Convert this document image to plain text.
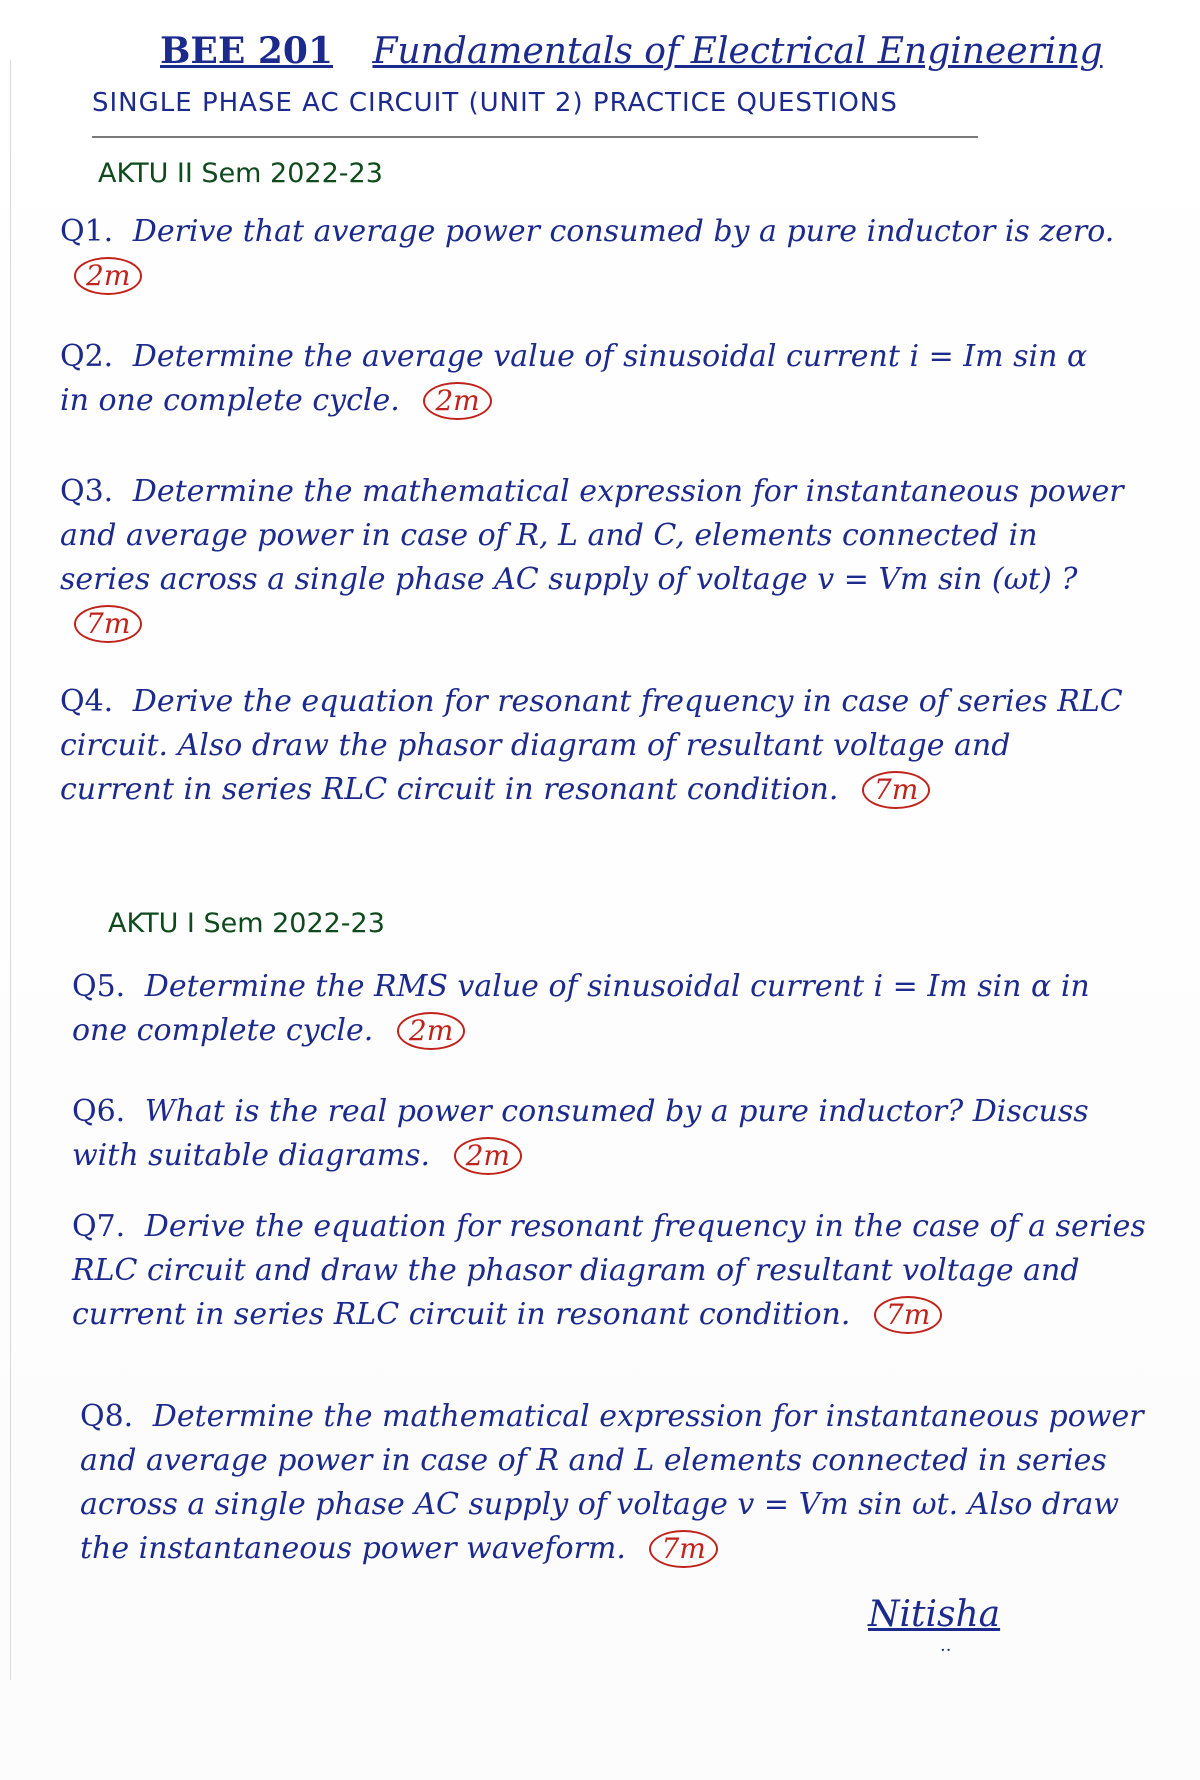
BEE 201 Fundamentals of Electrical Engineering
SINGLE PHASE AC CIRCUIT (UNIT 2) PRACTICE QUESTIONS
AKTU II Sem 2022-23
Q1. Derive that average power consumed by a pure inductor is zero. 2m
Q2. Determine the average value of sinusoidal current i = Im sin α in one complete cycle. 2m
Q3. Determine the mathematical expression for instantaneous power and average power in case of R, L and C, elements connected in series across a single phase AC supply of voltage v = Vm sin (ωt) ? 7m
Q4. Derive the equation for resonant frequency in case of series RLC circuit. Also draw the phasor diagram of resultant voltage and current in series RLC circuit in resonant condition. 7m
AKTU I Sem 2022-23
Q5. Determine the RMS value of sinusoidal current i = Im sin α in one complete cycle. 2m
Q6. What is the real power consumed by a pure inductor? Discuss with suitable diagrams. 2m
Q7. Derive the equation for resonant frequency in the case of a series RLC circuit and draw the phasor diagram of resultant voltage and current in series RLC circuit in resonant condition. 7m
Q8. Determine the mathematical expression for instantaneous power and average power in case of R and L elements connected in series across a single phase AC supply of voltage v = Vm sin ωt. Also draw the instantaneous power waveform. 7m
Nitisha
··
